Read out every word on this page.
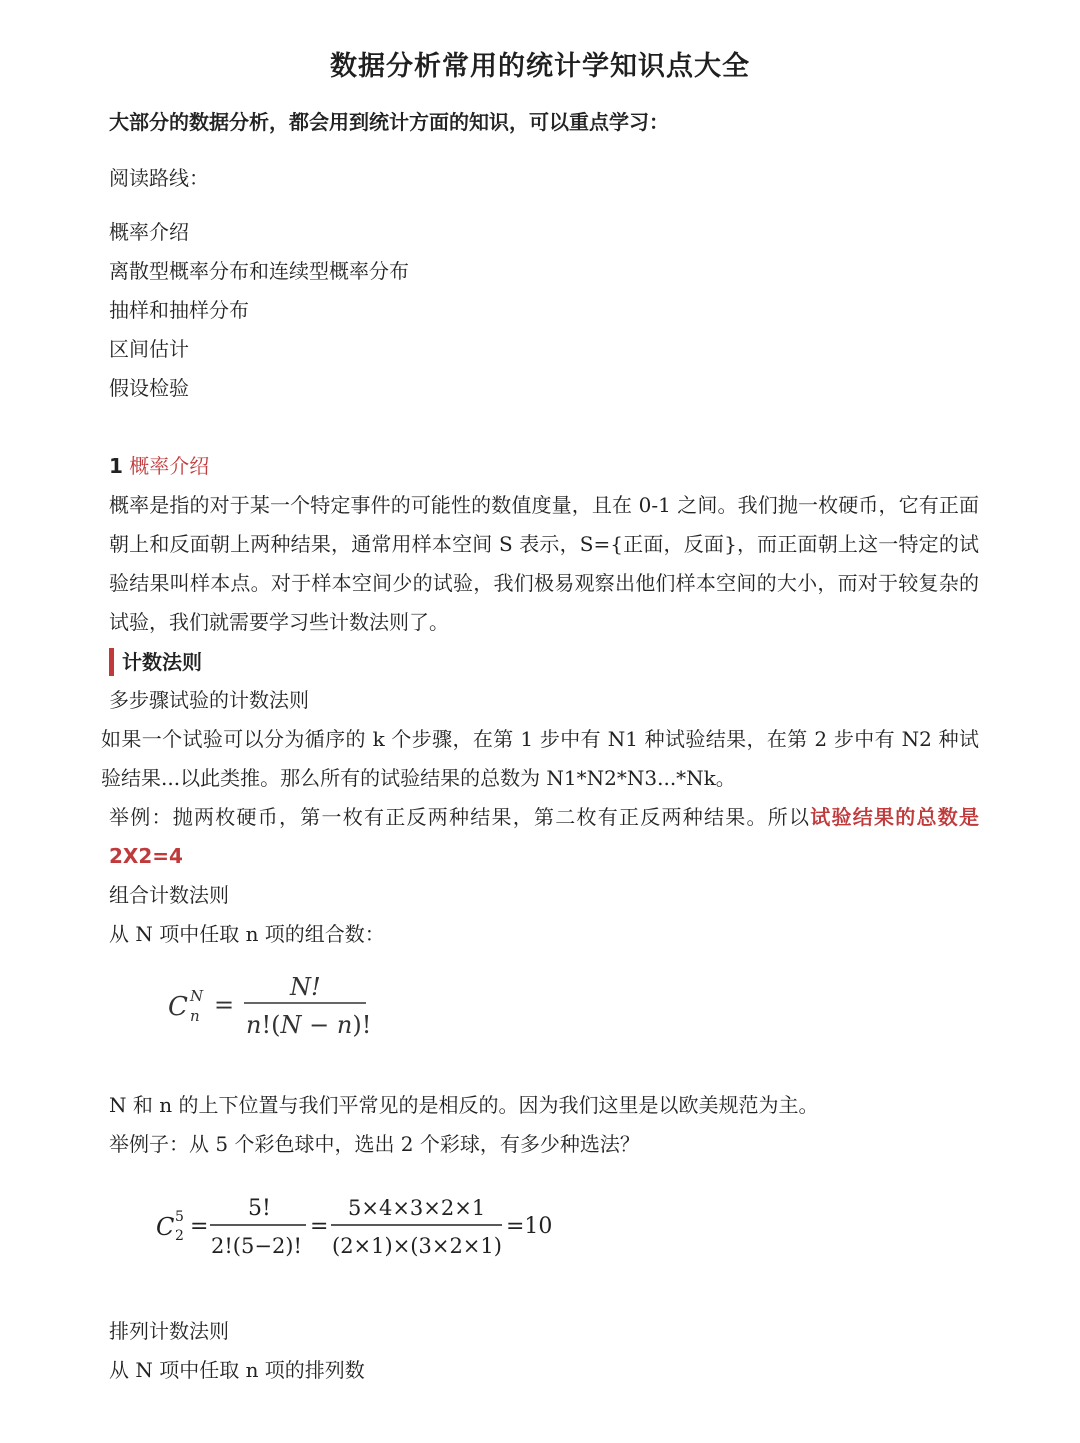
数据分析常用的统计学知识点大全
大部分的数据分析，都会用到统计方面的知识，可以重点学习：
阅读路线：
概率介绍
离散型概率分布和连续型概率分布
抽样和抽样分布
区间估计
假设检验
1 概率介绍
概率是指的对于某一个特定事件的可能性的数值度量，且在 0-1 之间。我们抛一枚硬币，它有正面朝上和反面朝上两种结果，通常用样本空间 S 表示，S={正面，反面}，而正面朝上这一特定的试验结果叫样本点。对于样本空间少的试验，我们极易观察出他们样本空间的大小，而对于较复杂的试验，我们就需要学习些计数法则了。
计数法则
多步骤试验的计数法则
如果一个试验可以分为循序的 k 个步骤，在第 1 步中有 N1 种试验结果，在第 2 步中有 N2 种试验结果...以此类推。那么所有的试验结果的总数为 N1*N2*N3...*Nk。
举例：抛两枚硬币，第一枚有正反两种结果，第二枚有正反两种结果。所以试验结果的总数是 2X2=4
组合计数法则
从 N 项中任取 n 项的组合数：
C N
n =
N!
n!(N − n)!
N 和 n 的上下位置与我们平常见的是相反的。因为我们这里是以欧美规范为主。
举例子：从 5 个彩色球中，选出 2 个彩球，有多少种选法？
C 5
2 =
5!
2!(5−2)!
=
5×4×3×2×1
(2×1)×(3×2×1)
=10
排列计数法则
从 N 项中任取 n 项的排列数
